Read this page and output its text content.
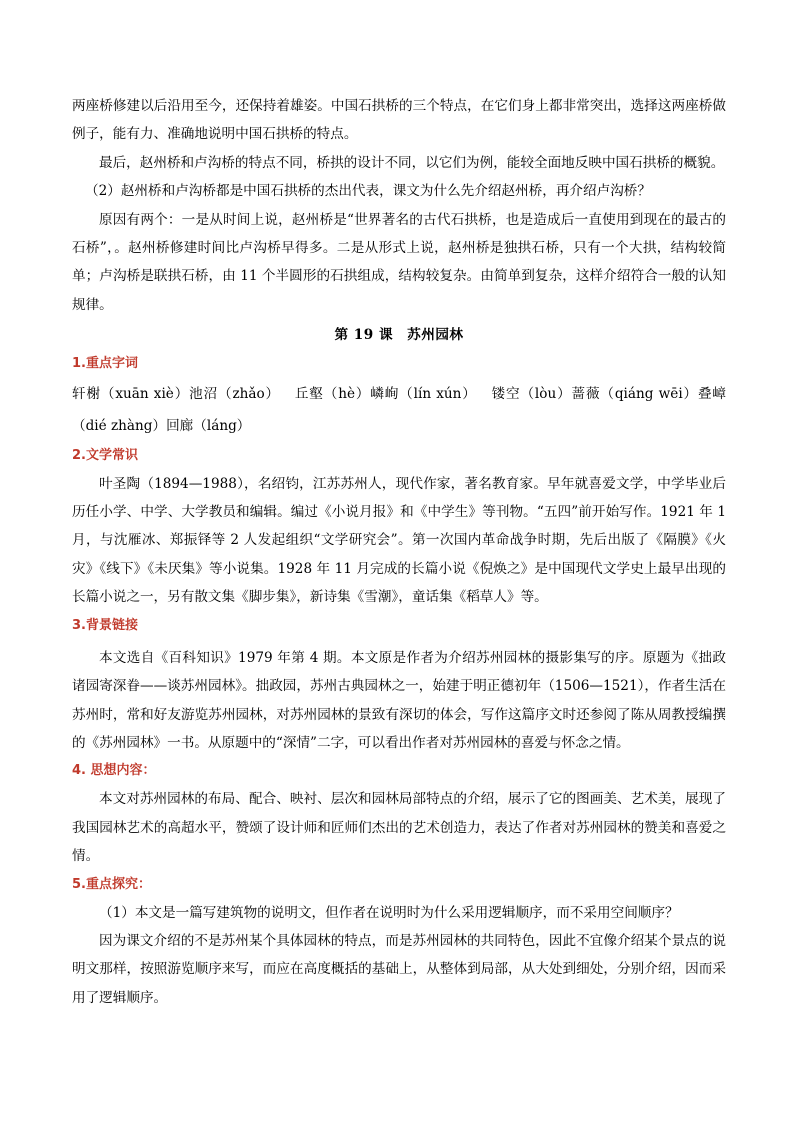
两座桥修建以后沿用至今，还保持着雄姿。中国石拱桥的三个特点，在它们身上都非常突出，选择这两座桥做例子，能有力、准确地说明中国石拱桥的特点。

最后，赵州桥和卢沟桥的特点不同，桥拱的设计不同，以它们为例，能较全面地反映中国石拱桥的概貌。

（2）赵州桥和卢沟桥都是中国石拱桥的杰出代表，课文为什么先介绍赵州桥，再介绍卢沟桥？

原因有两个：一是从时间上说，赵州桥是“世界著名的古代石拱桥，也是造成后一直使用到现在的最古的石桥”，。赵州桥修建时间比卢沟桥早得多。二是从形式上说，赵州桥是独拱石桥，只有一个大拱，结构较简单；卢沟桥是联拱石桥，由 11 个半圆形的石拱组成，结构较复杂。由简单到复杂，这样介绍符合一般的认知规律。

第 19 课　苏州园林

1.重点字词

轩榭（xuān xiè）池沼（zhǎo） 丘壑（hè）嶙峋（lín xún） 镂空（lòu）蔷薇（qiáng wēi）叠嶂（dié zhàng）回廊（láng）

2.文学常识

叶圣陶（1894—1988），名绍钧，江苏苏州人，现代作家，著名教育家。早年就喜爱文学，中学毕业后历任小学、中学、大学教员和编辑。编过《小说月报》和《中学生》等刊物。“五四”前开始写作。1921 年 1 月，与沈雁冰、郑振铎等 2 人发起组织“文学研究会”。第一次国内革命战争时期，先后出版了《隔膜》《火灾》《线下》《未厌集》等小说集。1928 年 11 月完成的长篇小说《倪焕之》是中国现代文学史上最早出现的长篇小说之一，另有散文集《脚步集》，新诗集《雪潮》，童话集《稻草人》等。

3.背景链接

本文选自《百科知识》1979 年第 4 期。本文原是作者为介绍苏州园林的摄影集写的序。原题为《拙政诸园寄深眷——谈苏州园林》。拙政园，苏州古典园林之一，始建于明正德初年（1506—1521），作者生活在苏州时，常和好友游览苏州园林，对苏州园林的景致有深切的体会，写作这篇序文时还参阅了陈从周教授编撰的《苏州园林》一书。从原题中的“深情”二字，可以看出作者对苏州园林的喜爱与怀念之情。

4. 思想内容：

本文对苏州园林的布局、配合、映衬、层次和园林局部特点的介绍，展示了它的图画美、艺术美，展现了我国园林艺术的高超水平，赞颂了设计师和匠师们杰出的艺术创造力，表达了作者对苏州园林的赞美和喜爱之情。

5.重点探究：

（1）本文是一篇写建筑物的说明文，但作者在说明时为什么采用逻辑顺序，而不采用空间顺序？

因为课文介绍的不是苏州某个具体园林的特点，而是苏州园林的共同特色，因此不宜像介绍某个景点的说明文那样，按照游览顺序来写，而应在高度概括的基础上，从整体到局部，从大处到细处，分别介绍，因而采用了逻辑顺序。
